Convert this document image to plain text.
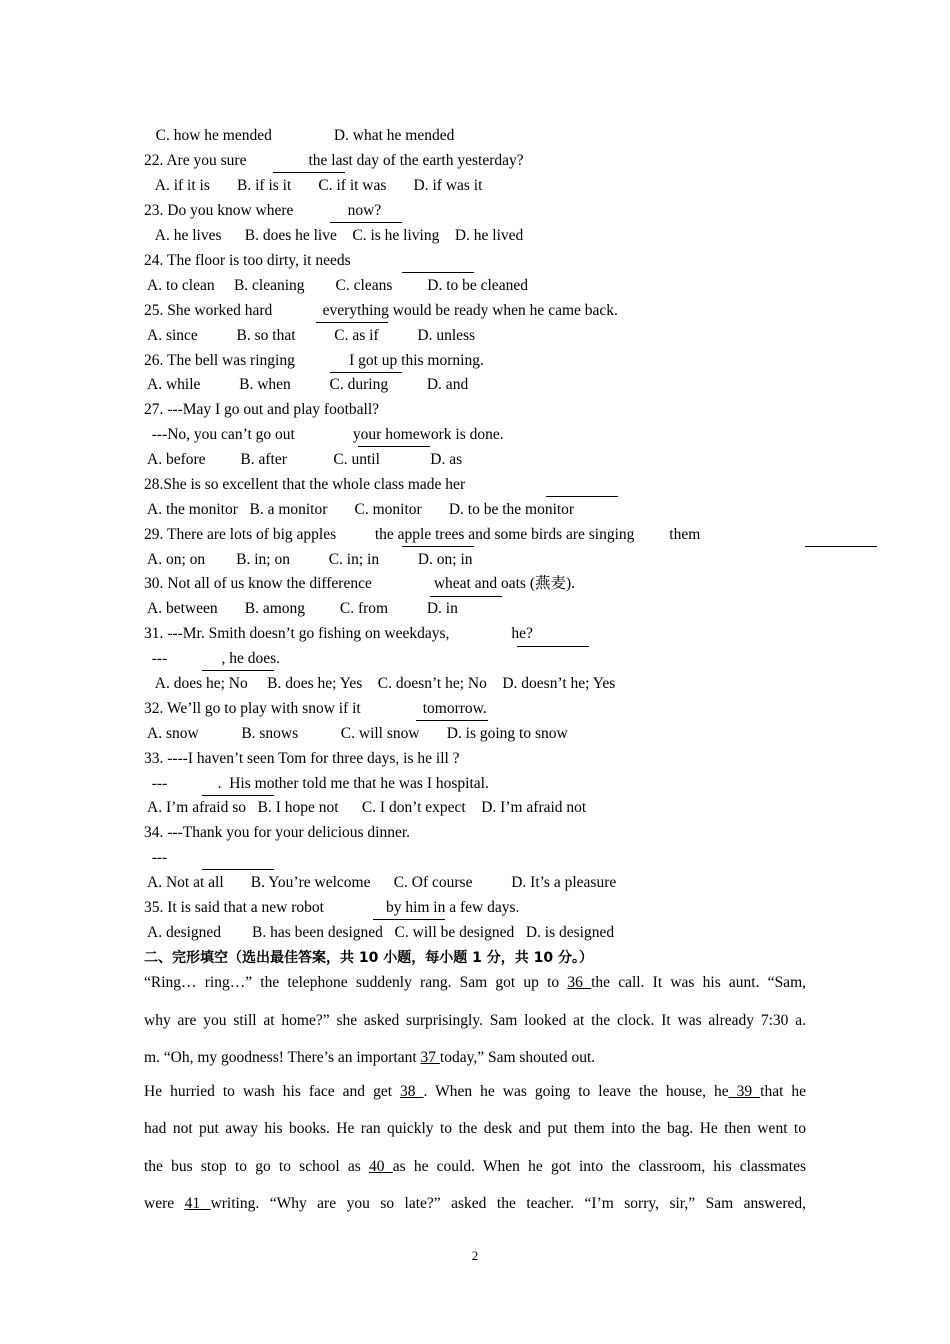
C. how he mended                D. what he mended
22. Are you sure                the last day of the earth yesterday?
A. if it is       B. if is it       C. if it was       D. if was it
23. Do you know where              now?
A. he lives      B. does he live    C. is he living    D. he lived
24. The floor is too dirty, it needs
A. to clean     B. cleaning        C. cleans         D. to be cleaned
25. She worked hard             everything would be ready when he came back.
A. since          B. so that          C. as if          D. unless
26. The bell was ringing              I got up this morning.
A. while          B. when          C. during          D. and
27. ---May I go out and play football?
---No, you can’t go out               your homework is done.
A. before         B. after            C. until             D. as
28.She is so excellent that the whole class made her
A. the monitor   B. a monitor       C. monitor       D. to be the monitor
29. There are lots of big apples          the apple trees and some birds are singing         them
A. on; on        B. in; on          C. in; in          D. on; in
30. Not all of us know the difference                wheat and oats (燕麦).
A. between       B. among         C. from          D. in
31. ---Mr. Smith doesn’t go fishing on weekdays,                he?
---              , he does.
A. does he; No     B. does he; Yes    C. doesn’t he; No    D. doesn’t he; Yes
32. We’ll go to play with snow if it                tomorrow.
A. snow           B. snows           C. will snow       D. is going to snow
33. ----I haven’t seen Tom for three days, is he ill ?
---             .  His mother told me that he was I hospital.
A. I’m afraid so   B. I hope not      C. I don’t expect    D. I’m afraid not
34. ---Thank you for your delicious dinner.
---
A. Not at all       B. You’re welcome      C. Of course          D. It’s a pleasure
35. It is said that a new robot                by him in a few days.
A. designed        B. has been designed   C. will be designed   D. is designed
二、完形填空（选出最佳答案，共 10 小题，每小题 1 分，共 10 分。）
“Ring… ring…” the telephone suddenly rang. Sam got up to 36 the call. It was his aunt. “Sam,
why are you still at home?” she asked surprisingly. Sam looked at the clock. It was already 7:30 a.
m. “Oh, my goodness! There’s an important 37 today,” Sam shouted out.
He hurried to wash his face and get 38 . When he was going to leave the house, he 39 that he
had not put away his books. He ran quickly to the desk and put them into the bag. He then went to
the bus stop to go to school as 40 as he could. When he got into the classroom, his classmates
were 41 writing. “Why are you so late?” asked the teacher. “I’m sorry, sir,” Sam answered,
2
